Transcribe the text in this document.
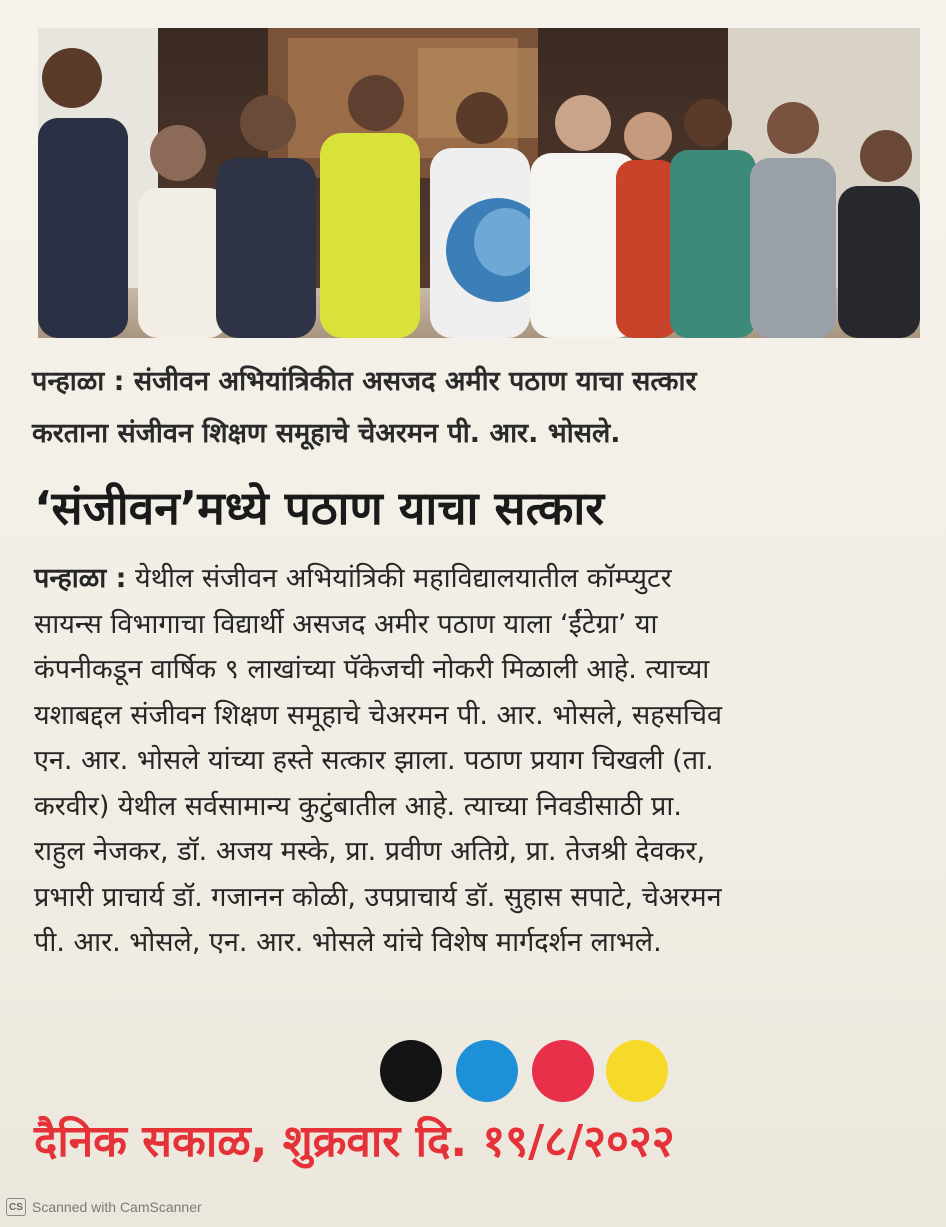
पन्हाळा : संजीवन अभियांत्रिकीत असजद अमीर पठाण याचा सत्कार
करताना संजीवन शिक्षण समूहाचे चेअरमन पी. आर. भोसले.
‘संजीवन’मध्ये पठाण याचा सत्कार
पन्हाळा : येथील संजीवन अभियांत्रिकी महाविद्यालयातील कॉम्प्युटर
सायन्स विभागाचा विद्यार्थी असजद अमीर पठाण याला ‘ईंटेग्रा’ या
कंपनीकडून वार्षिक ९ लाखांच्या पॅकेजची नोकरी मिळाली आहे. त्याच्या
यशाबद्दल संजीवन शिक्षण समूहाचे चेअरमन पी. आर. भोसले, सहसचिव
एन. आर. भोसले यांच्या हस्ते सत्कार झाला. पठाण प्रयाग चिखली (ता.
करवीर) येथील सर्वसामान्य कुटुंबातील आहे. त्याच्या निवडीसाठी प्रा.
राहुल नेजकर, डॉ. अजय मस्के, प्रा. प्रवीण अतिग्रे, प्रा. तेजश्री देवकर,
प्रभारी प्राचार्य डॉ. गजानन कोळी, उपप्राचार्य डॉ. सुहास सपाटे, चेअरमन
पी. आर. भोसले, एन. आर. भोसले यांचे विशेष मार्गदर्शन लाभले.
दैनिक सकाळ, शुक्रवार दि. १९/८/२०२२
CS Scanned with CamScanner
